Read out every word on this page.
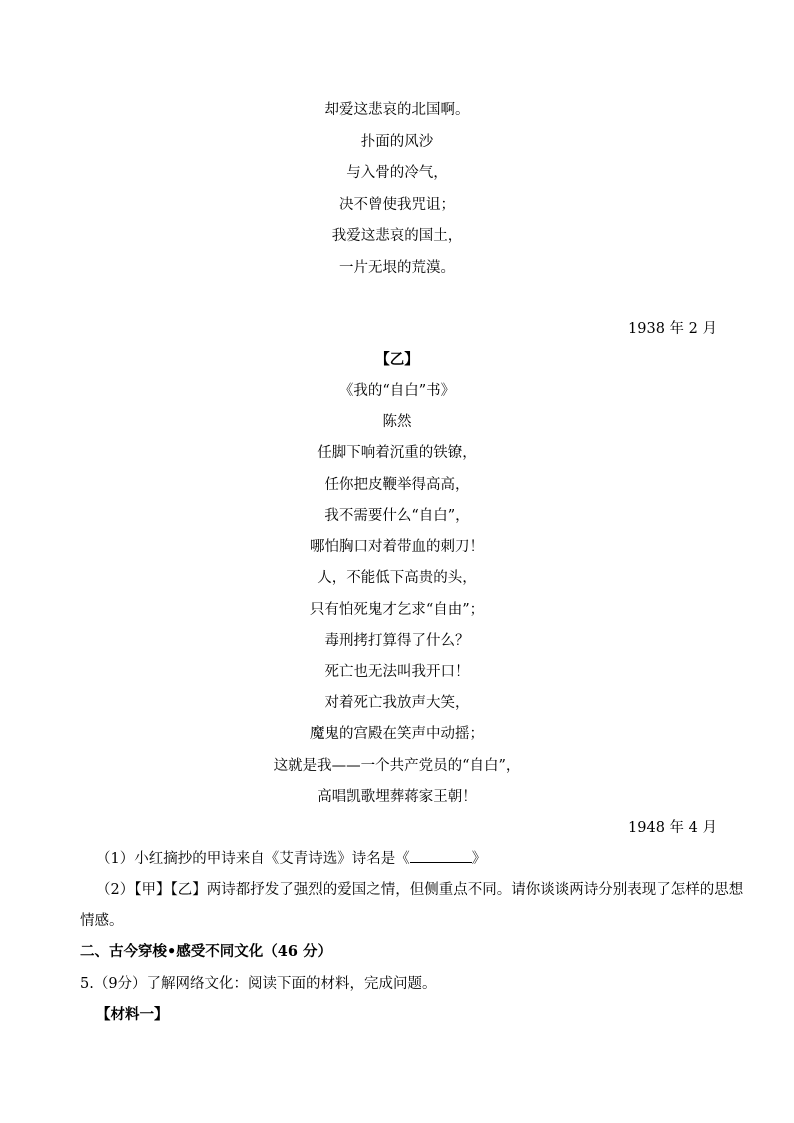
却爱这悲哀的北国啊。
扑面的风沙
与入骨的冷气，
决不曾使我咒诅；
我爱这悲哀的国土，
一片无垠的荒漠。
1938 年 2 月
【乙】
《我的“自白”书》
陈然
任脚下响着沉重的铁镣，
任你把皮鞭举得高高，
我不需要什么“自白”，
哪怕胸口对着带血的刺刀！
人，不能低下高贵的头，
只有怕死鬼才乞求“自由”；
毒刑拷打算得了什么？
死亡也无法叫我开口！
对着死亡我放声大笑，
魔鬼的宫殿在笑声中动摇；
这就是我——一个共产党员的“自白”，
高唱凯歌埋葬蒋家王朝！
1948 年 4 月
（1）小红摘抄的甲诗来自《艾青诗选》诗名是《	》
（2）【甲】【乙】两诗都抒发了强烈的爱国之情，但侧重点不同。请你谈谈两诗分别表现了怎样的思想
情感。
二、古今穿梭•感受不同文化（46 分）
5.（9分）了解网络文化：阅读下面的材料，完成问题。
【材料一】
